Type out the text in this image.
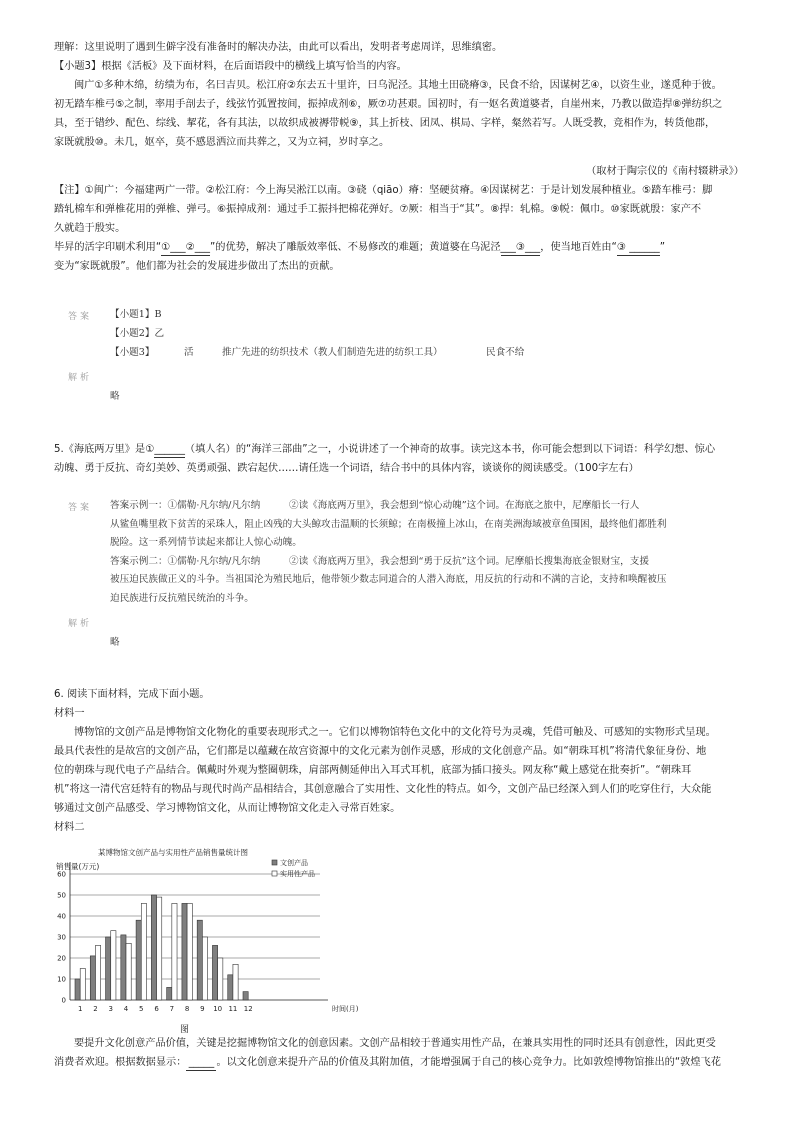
理解：这里说明了遇到生僻字没有准备时的解决办法，由此可以看出，发明者考虑周详，思维缜密。
【小题3】根据《活板》及下面材料，在后面语段中的横线上填写恰当的内容。
闽广①多种木绵，纺绩为布，名曰吉贝。松江府②东去五十里许，曰乌泥泾。其地土田硗瘠③，民食不给，因谋树艺④，以资生业，遂觅种于彼。
初无踏车椎弓⑤之制，率用手剖去子，线弦竹弧置按间，振掉成剂⑥，厥⑦功甚艰。国初时，有一妪名黄道婆者，自崖州来，乃教以做造捍⑧弹纺织之
具，至于错纱、配色、综线、挈花，各有其法，以故织成被褥带帨⑨，其上折枝、团凤、棋局、字样，粲然若写。人既受教，竞相作为，转货他郡，
家既就殷⑩。未几，妪卒，莫不感恩洒泣而共葬之，又为立祠，岁时享之。
（取材于陶宗仪的《南村辍耕录》）
【注】①闽广：今福建两广一带。②松江府：今上海吴淞江以南。③硗（qiāo）瘠：坚硬贫瘠。④因谋树艺：于是计划发展种植业。⑤踏车椎弓：脚
踏轧棉车和弹椎花用的弹椎、弹弓。⑥振掉成剂：通过手工振抖把棉花弹好。⑦厥：相当于“其”。⑧捍：轧棉。⑨帨：佩巾。⑩家既就殷：家产不
久就趋于殷实。
毕昇的活字印刷术利用“①___②___”的优势，解决了雕版效率低、不易修改的难题；黄道婆在乌泥泾___③___，使当地百姓由“③ ______”
变为“家既就殷”。他们都为社会的发展进步做出了杰出的贡献。
答案 【小题1】B
【小题2】乙
【小题3】	活	推广先进的纺织技术（教人们制造先进的纺织工具）	民食不给
解析
略
5.《海底两万里》是①______（填人名）的“海洋三部曲”之一，小说讲述了一个神奇的故事。读完这本书，你可能会想到以下词语：科学幻想、惊心
动魄、勇于反抗、奇幻美妙、英勇顽强、跌宕起伏……请任选一个词语，结合书中的具体内容，谈谈你的阅读感受。（100字左右）
答案 答案示例一：①儒勒·凡尔纳/凡尔纳　　　②读《海底两万里》，我会想到“惊心动魄”这个词。在海底之旅中，尼摩船长一行人
从鲨鱼嘴里救下贫苦的采珠人，阻止凶残的大头鲸攻击温顺的长须鲸；在南极撞上冰山，在南美洲海域被章鱼围困，最终他们都胜利
脱险。这一系列情节读起来都让人惊心动魄。
答案示例二：①儒勒·凡尔纳/凡尔纳　　　②读《海底两万里》，我会想到“勇于反抗”这个词。尼摩船长搜集海底金银财宝，支援
被压迫民族做正义的斗争。当祖国沦为殖民地后，他带领少数志同道合的人潜入海底，用反抗的行动和不满的言论，支持和唤醒被压
迫民族进行反抗殖民统治的斗争。
解析
略
6. 阅读下面材料，完成下面小题。
材料一
博物馆的文创产品是博物馆文化物化的重要表现形式之一。它们以博物馆特色文化中的文化符号为灵魂，凭借可触及、可感知的实物形式呈现。
最具代表性的是故宫的文创产品，它们都是以蕴藏在故宫资源中的文化元素为创作灵感，形成的文化创意产品。如“朝珠耳机”将清代象征身份、地
位的朝珠与现代电子产品结合。佩戴时外观为整圈朝珠，肩部两侧延伸出入耳式耳机，底部为插口接头。网友称“戴上感觉在批奏折”。“朝珠耳
机”将这一清代宫廷特有的物品与现代时尚产品相结合，其创意融合了实用性、文化性的特点。如今，文创产品已经深入到人们的吃穿住行，大众能
够通过文创产品感受、学习博物馆文化，从而让博物馆文化走入寻常百姓家。
材料二
某博物馆文创产品与实用性产品销售量统计图
销售量(万元)
0
10
20
30
40
50
60
时间(月)
1 2 3 4 5 6 7 8 9 10 11 12
文创产品
实用性产品
图
要提升文化创意产品价值，关键是挖掘博物馆文化的创意因素。文创产品相较于普通实用性产品，在兼具实用性的同时还具有创意性，因此更受
消费者欢迎。根据数据显示： _____ 。以文化创意来提升产品的价值及其附加值，才能增强属于自己的核心竞争力。比如敦煌博物馆推出的“敦煌飞花
